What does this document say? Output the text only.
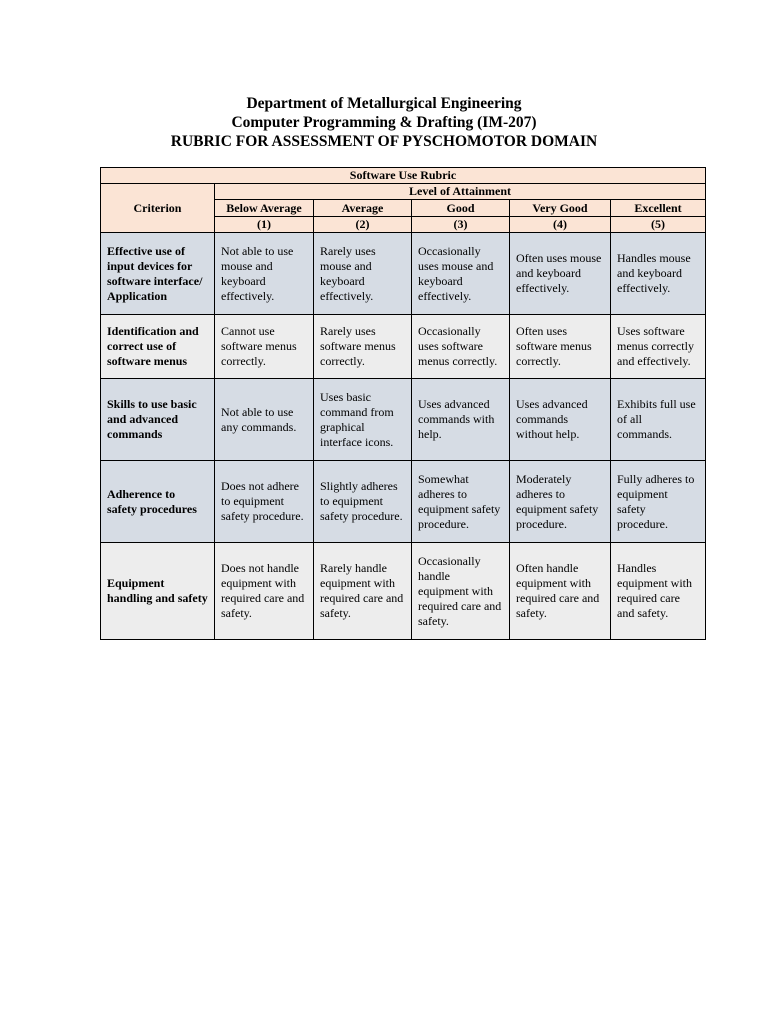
Department of Metallurgical Engineering
Computer Programming & Drafting (IM-207)
RUBRIC FOR ASSESSMENT OF PYSCHOMOTOR DOMAIN
Software Use Rubric					
Criterion	Level of Attainment				
	Below Average	Average	Good	Very Good	Excellent
	(1)	(2)	(3)	(4)	(5)
Effective use of input devices for software interface/ Application	Not able to use mouse and keyboard effectively.	Rarely uses mouse and keyboard effectively.	Occasionally uses mouse and keyboard effectively.	Often uses mouse and keyboard effectively.	Handles mouse and keyboard effectively.
Identification and correct use of software menus	Cannot use software menus correctly.	Rarely uses software menus correctly.	Occasionally uses software menus correctly.	Often uses software menus correctly.	Uses software menus correctly and effectively.
Skills to use basic and advanced commands	Not able to use any commands.	Uses basic command from graphical interface icons.	Uses advanced commands with help.	Uses advanced commands without help.	Exhibits full use of all commands.
Adherence to safety procedures	Does not adhere to equipment safety procedure.	Slightly adheres to equipment safety procedure.	Somewhat adheres to equipment safety procedure.	Moderately adheres to equipment safety procedure.	Fully adheres to equipment safety procedure.
Equipment handling and safety	Does not handle equipment with required care and safety.	Rarely handle equipment with required care and safety.	Occasionally handle equipment with required care and safety.	Often handle equipment with required care and safety.	Handles equipment with required care and safety.
